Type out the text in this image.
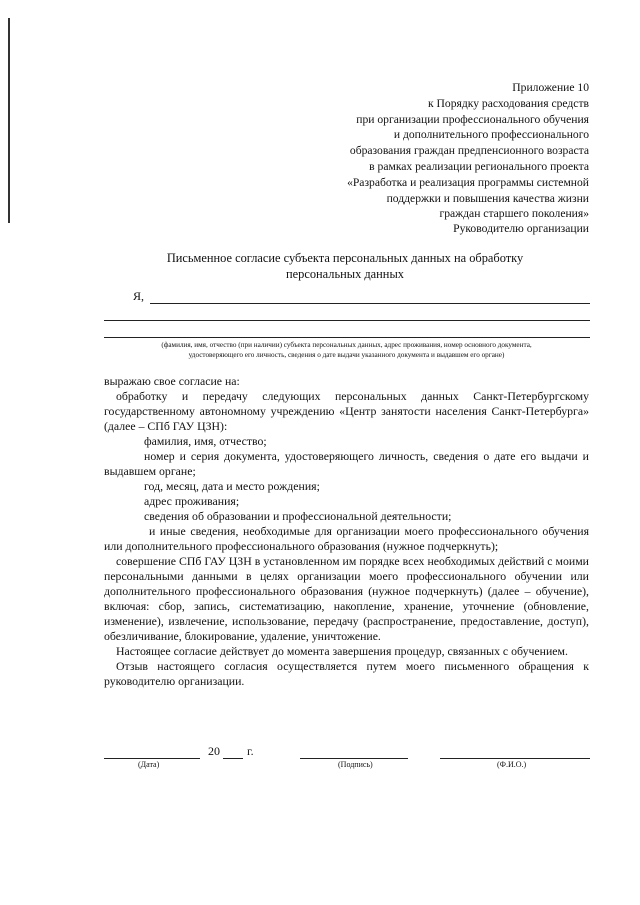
Приложение 10
к Порядку расходования средств
при организации профессионального обучения
и дополнительного профессионального
образования граждан предпенсионного возраста
в рамках реализации регионального проекта
«Разработка и реализация программы системной
поддержки и повышения качества жизни
граждан старшего поколения»
Руководителю организации
Письменное согласие субъекта персональных данных на обработку
персональных данных
Я,
(фамилия, имя, отчество (при наличии) субъекта персональных данных, адрес проживания, номер основного документа,
удостоверяющего его личность, сведения о дате выдачи указанного документа и выдавшем его органе)

выражаю свое согласие на:

обработку и передачу следующих персональных данных Санкт-Петербургскому государственному автономному учреждению «Центр занятости населения Санкт-Петербурга» (далее – СПб ГАУ ЦЗН):

фамилия, имя, отчество;

номер и серия документа, удостоверяющего личность, сведения о дате его выдачи и выдавшем органе;

год, месяц, дата и место рождения;

адрес проживания;

сведения об образовании и профессиональной деятельности;

и иные сведения, необходимые для организации моего профессионального обучения или дополнительного профессионального образования (нужное подчеркнуть);

совершение СПб ГАУ ЦЗН в установленном им порядке всех необходимых действий с моими персональными данными в целях организации моего профессионального обучении или дополнительного профессионального образования (нужное подчеркнуть) (далее – обучение), включая: сбор, запись, систематизацию, накопление, хранение, уточнение (обновление, изменение), извлечение, использование, передачу (распространение, предоставление, доступ), обезличивание, блокирование, удаление, уничтожение.

Настоящее согласие действует до момента завершения процедур, связанных с обучением.

Отзыв настоящего согласия осуществляется путем моего письменного обращения к руководителю организации.

20 г.
(Дата)	(Подпись)	(Ф.И.О.)
